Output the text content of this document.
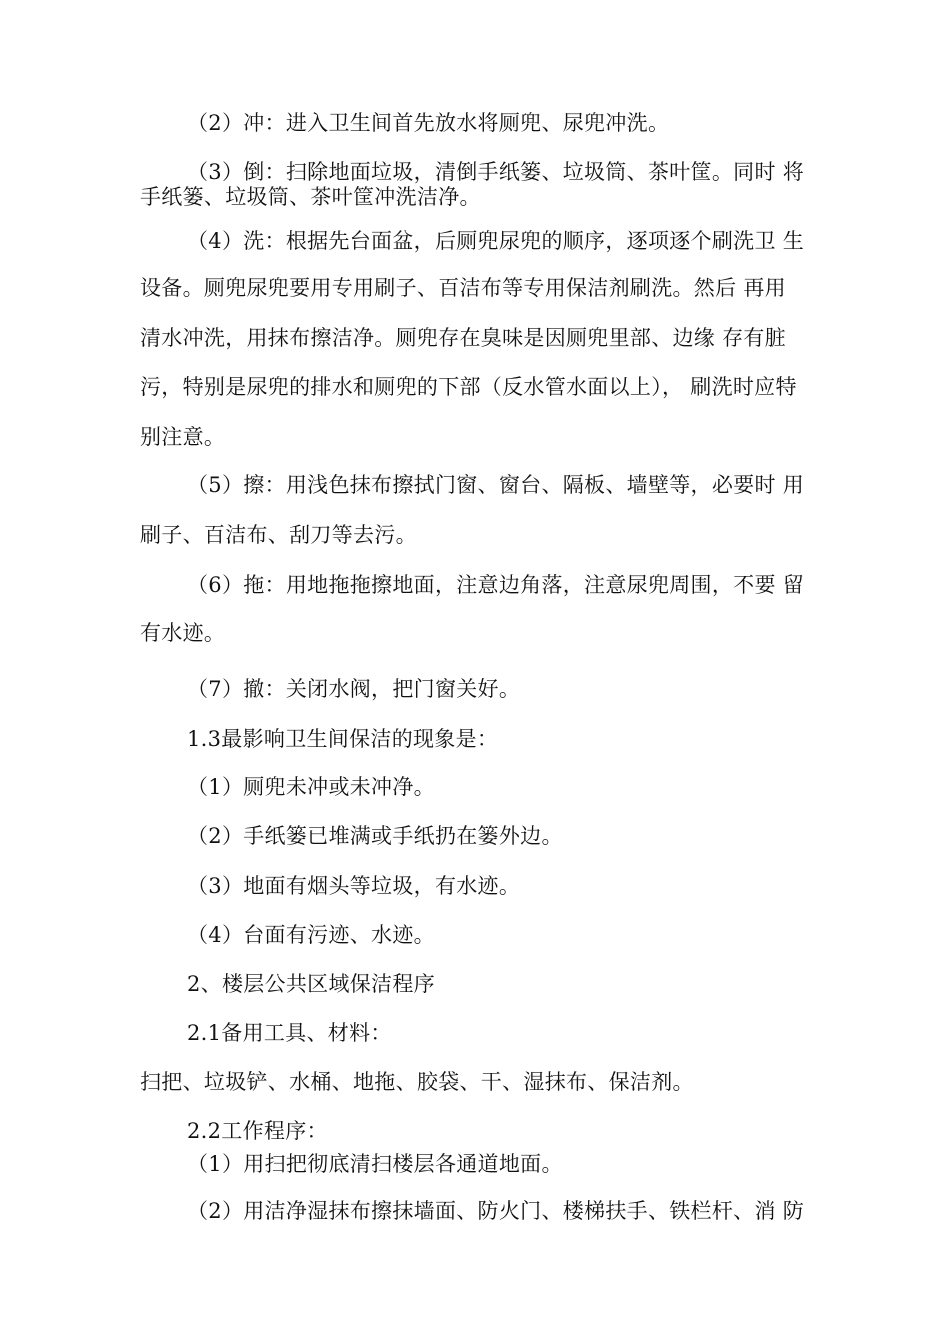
（2）冲：进入卫生间首先放水将厕兜、尿兜冲洗。
（3）倒：扫除地面垃圾，清倒手纸篓、垃圾筒、茶叶筐。同时 将
手纸篓、垃圾筒、茶叶筐冲洗洁净。
（4）洗：根据先台面盆，后厕兜尿兜的顺序，逐项逐个刷洗卫 生
设备。厕兜尿兜要用专用刷子、百洁布等专用保洁剂刷洗。然后 再用
清水冲洗，用抹布擦洁净。厕兜存在臭味是因厕兜里部、边缘 存有脏
污，特别是尿兜的排水和厕兜的下部（反水管水面以上）， 刷洗时应特
别注意。
（5）擦：用浅色抹布擦拭门窗、窗台、隔板、墙壁等，必要时 用
刷子、百洁布、刮刀等去污。
（6）拖：用地拖拖擦地面，注意边角落，注意尿兜周围，不要 留
有水迹。
（7）撤：关闭水阀，把门窗关好。
1.3最影响卫生间保洁的现象是：
（1）厕兜未冲或未冲净。
（2）手纸篓已堆满或手纸扔在篓外边。
（3）地面有烟头等垃圾，有水迹。
（4）台面有污迹、水迹。
2、楼层公共区域保洁程序
2.1备用工具、材料：
扫把、垃圾铲、水桶、地拖、胶袋、干、湿抹布、保洁剂。
2.2工作程序：
（1）用扫把彻底清扫楼层各通道地面。
（2）用洁净湿抹布擦抹墙面、防火门、楼梯扶手、铁栏杆、消 防
